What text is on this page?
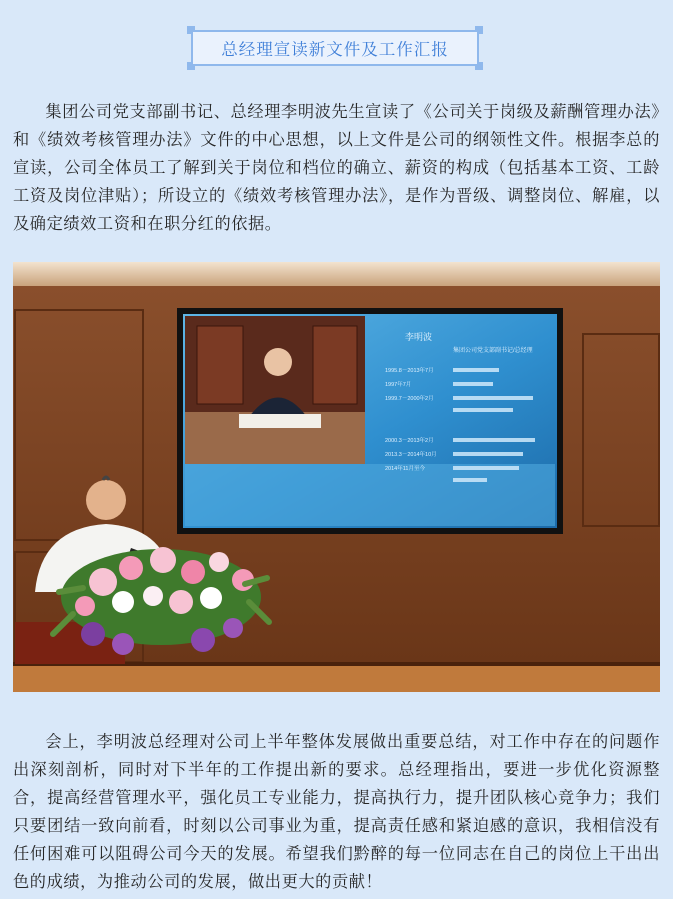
总经理宣读新文件及工作汇报

集团公司党支部副书记、总经理李明波先生宣读了《公司关于岗级及薪酬管理办法》和《绩效考核管理办法》文件的中心思想，以上文件是公司的纲领性文件。根据李总的宣读，公司全体员工了解到关于岗位和档位的确立、薪资的构成（包括基本工资、工龄工资及岗位津贴）；所设立的《绩效考核管理办法》，是作为晋级、调整岗位、解雇，以及确定绩效工资和在职分红的依据。

李明波
集团公司党支部副书记/总经理
1995.8－2013年7月
1997年7月
1999.7－2000年2月
2000.3－2013年2月
2013.3－2014年10月
2014年11月至今

会上，李明波总经理对公司上半年整体发展做出重要总结，对工作中存在的问题作出深刻剖析，同时对下半年的工作提出新的要求。总经理指出，要进一步优化资源整合，提高经营管理水平，强化员工专业能力，提高执行力，提升团队核心竞争力；我们只要团结一致向前看，时刻以公司事业为重，提高责任感和紧迫感的意识，我相信没有任何困难可以阻碍公司今天的发展。希望我们黔醉的每一位同志在自己的岗位上干出出色的成绩，为推动公司的发展，做出更大的贡献！
